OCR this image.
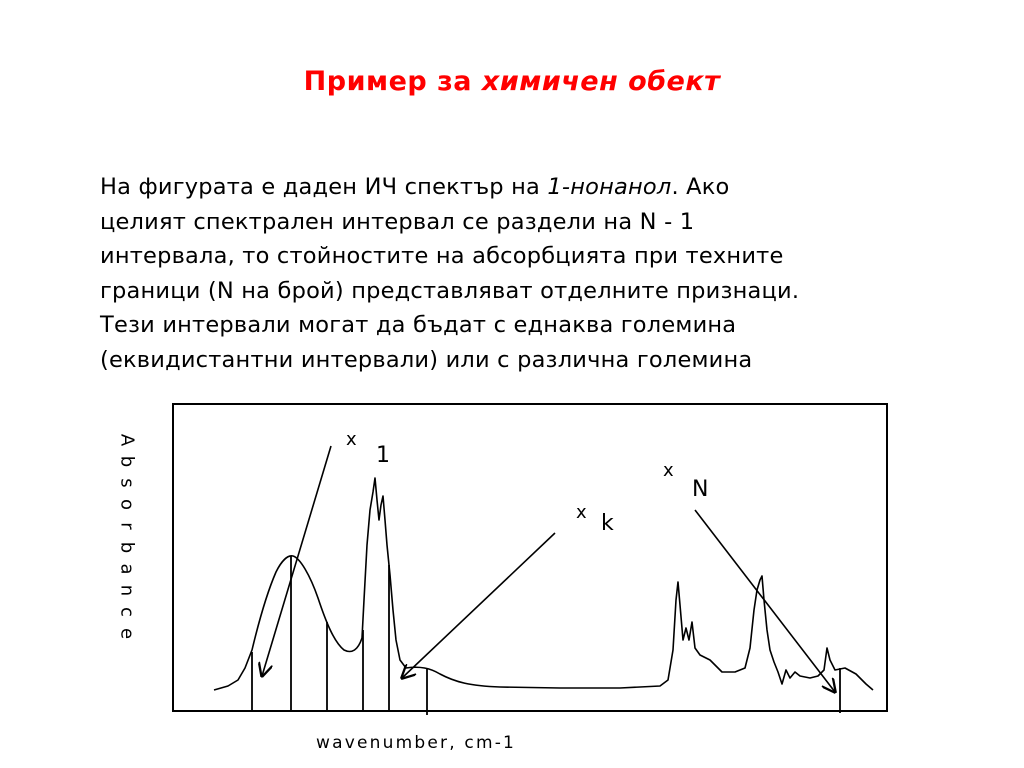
Пример за химичен обект
На фигурата е даден ИЧ спектър на 1-нонанол. Ако
целият спектрален интервал се раздели на N - 1
интервала, то стойностите на абсорбцията при техните
граници (N на брой) представляват отделните признаци.
Тези интервали могат да бъдат с еднаква големина
(еквидистантни интервали) или с различна големина
A
b
s
o
r
b
a
n
c
e
wavenumber, cm-1
x
1
x k
x
N
